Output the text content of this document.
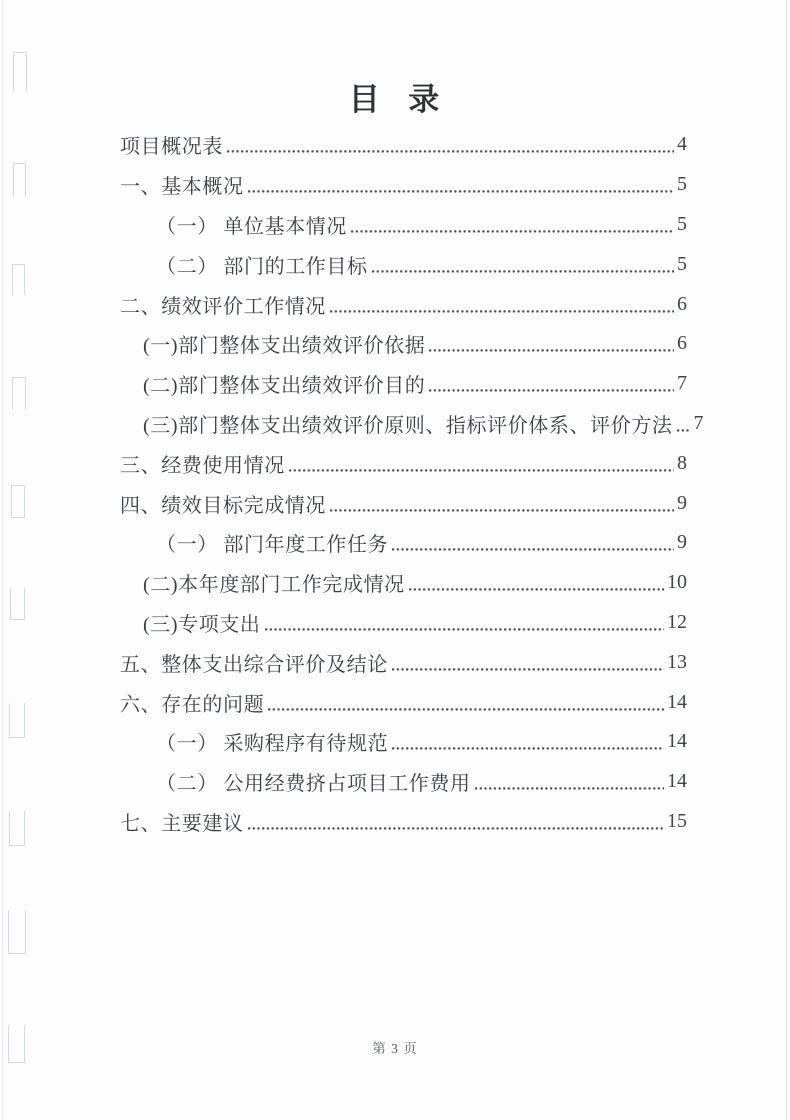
目 录
项目概况表	4
一、基本概况	5
（一） 单位基本情况	5
（二） 部门的工作目标	5
二、绩效评价工作情况	6
(一)部门整体支出绩效评价依据	6
(二)部门整体支出绩效评价目的	7
(三)部门整体支出绩效评价原则、指标评价体系、评价方法 7
三、经费使用情况	8
四、绩效目标完成情况	9
（一） 部门年度工作任务	9
(二)本年度部门工作完成情况	10
(三)专项支出	12
五、整体支出综合评价及结论	13
六、存在的问题	14
（一） 采购程序有待规范	14
（二） 公用经费挤占项目工作费用	14
七、主要建议	15
第 3 页
